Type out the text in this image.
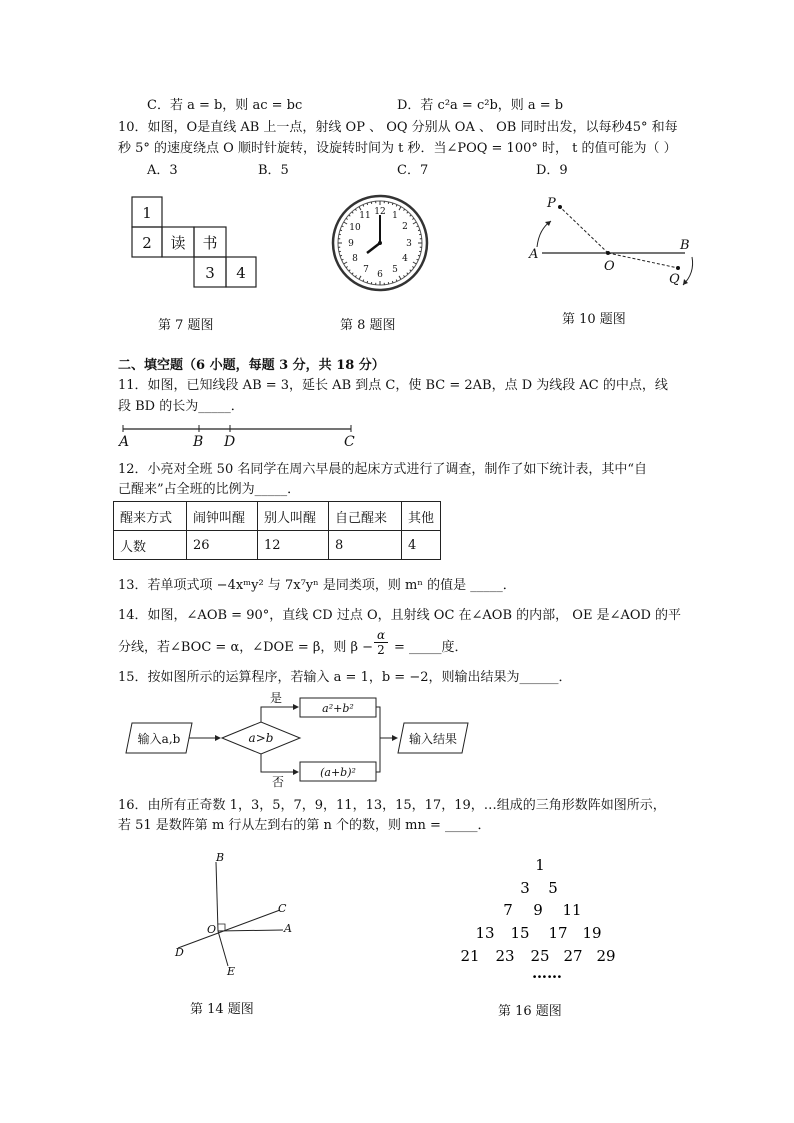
C．若 a = b，则 ac = bc	D．若 c²a = c²b，则 a = b
10．如图，O是直线 AB 上一点，射线 OP 、 OQ 分别从 OA 、 OB 同时出发，以每秒45° 和每
秒 5° 的速度绕点 O 顺时针旋转，设旋转时间为 t 秒．当∠POQ = 100° 时， t 的值可能为（ ）
A．3	B．5	C．7	D．9
1
2 读 书
3 4
第 7 题图
12 1
2
3
4
5
6
7
8
9
10
11
第 8 题图
P
A
O
B
Q
第 10 题图
二、填空题（6 小题，每题 3 分，共 18 分）
11．如图，已知线段 AB = 3，延长 AB 到点 C，使 BC = 2AB，点 D 为线段 AC 的中点，线
段 BD 的长为_____．
A	B D	C
12．小亮对全班 50 名同学在周六早晨的起床方式进行了调查，制作了如下统计表，其中“自
己醒来”占全班的比例为_____．
醒来方式	闹钟叫醒	别人叫醒	自己醒来	其他
人数	26	12	8	4
13．若单项式项 −4xᵐy² 与 7x⁷yⁿ 是同类项，则 mⁿ 的值是 _____．
14．如图，∠AOB = 90°，直线 CD 过点 O，且射线 OC 在∠AOB 的内部， OE 是∠AOD 的平
分线，若∠BOC = α，∠DOE = β，则 β −
α
2 = _____度．
15．按如图所示的运算程序，若输入 a = 1，b = −2，则输出结果为______．
输入a,b	a>b
是
a²+b²
否
(a+b)²
输入结果
16．由所有正奇数 1，3，5，7，9，11，13，15，17，19，…组成的三角形数阵如图所示，
若 51 是数阵第 m 行从左到右的第 n 个的数，则 mn = _____．
B
C
O	A
D
E
第 14 题图
1
3 5
7 9 11
13 15 17 19
21 23 25 27 29
……
第 16 题图
